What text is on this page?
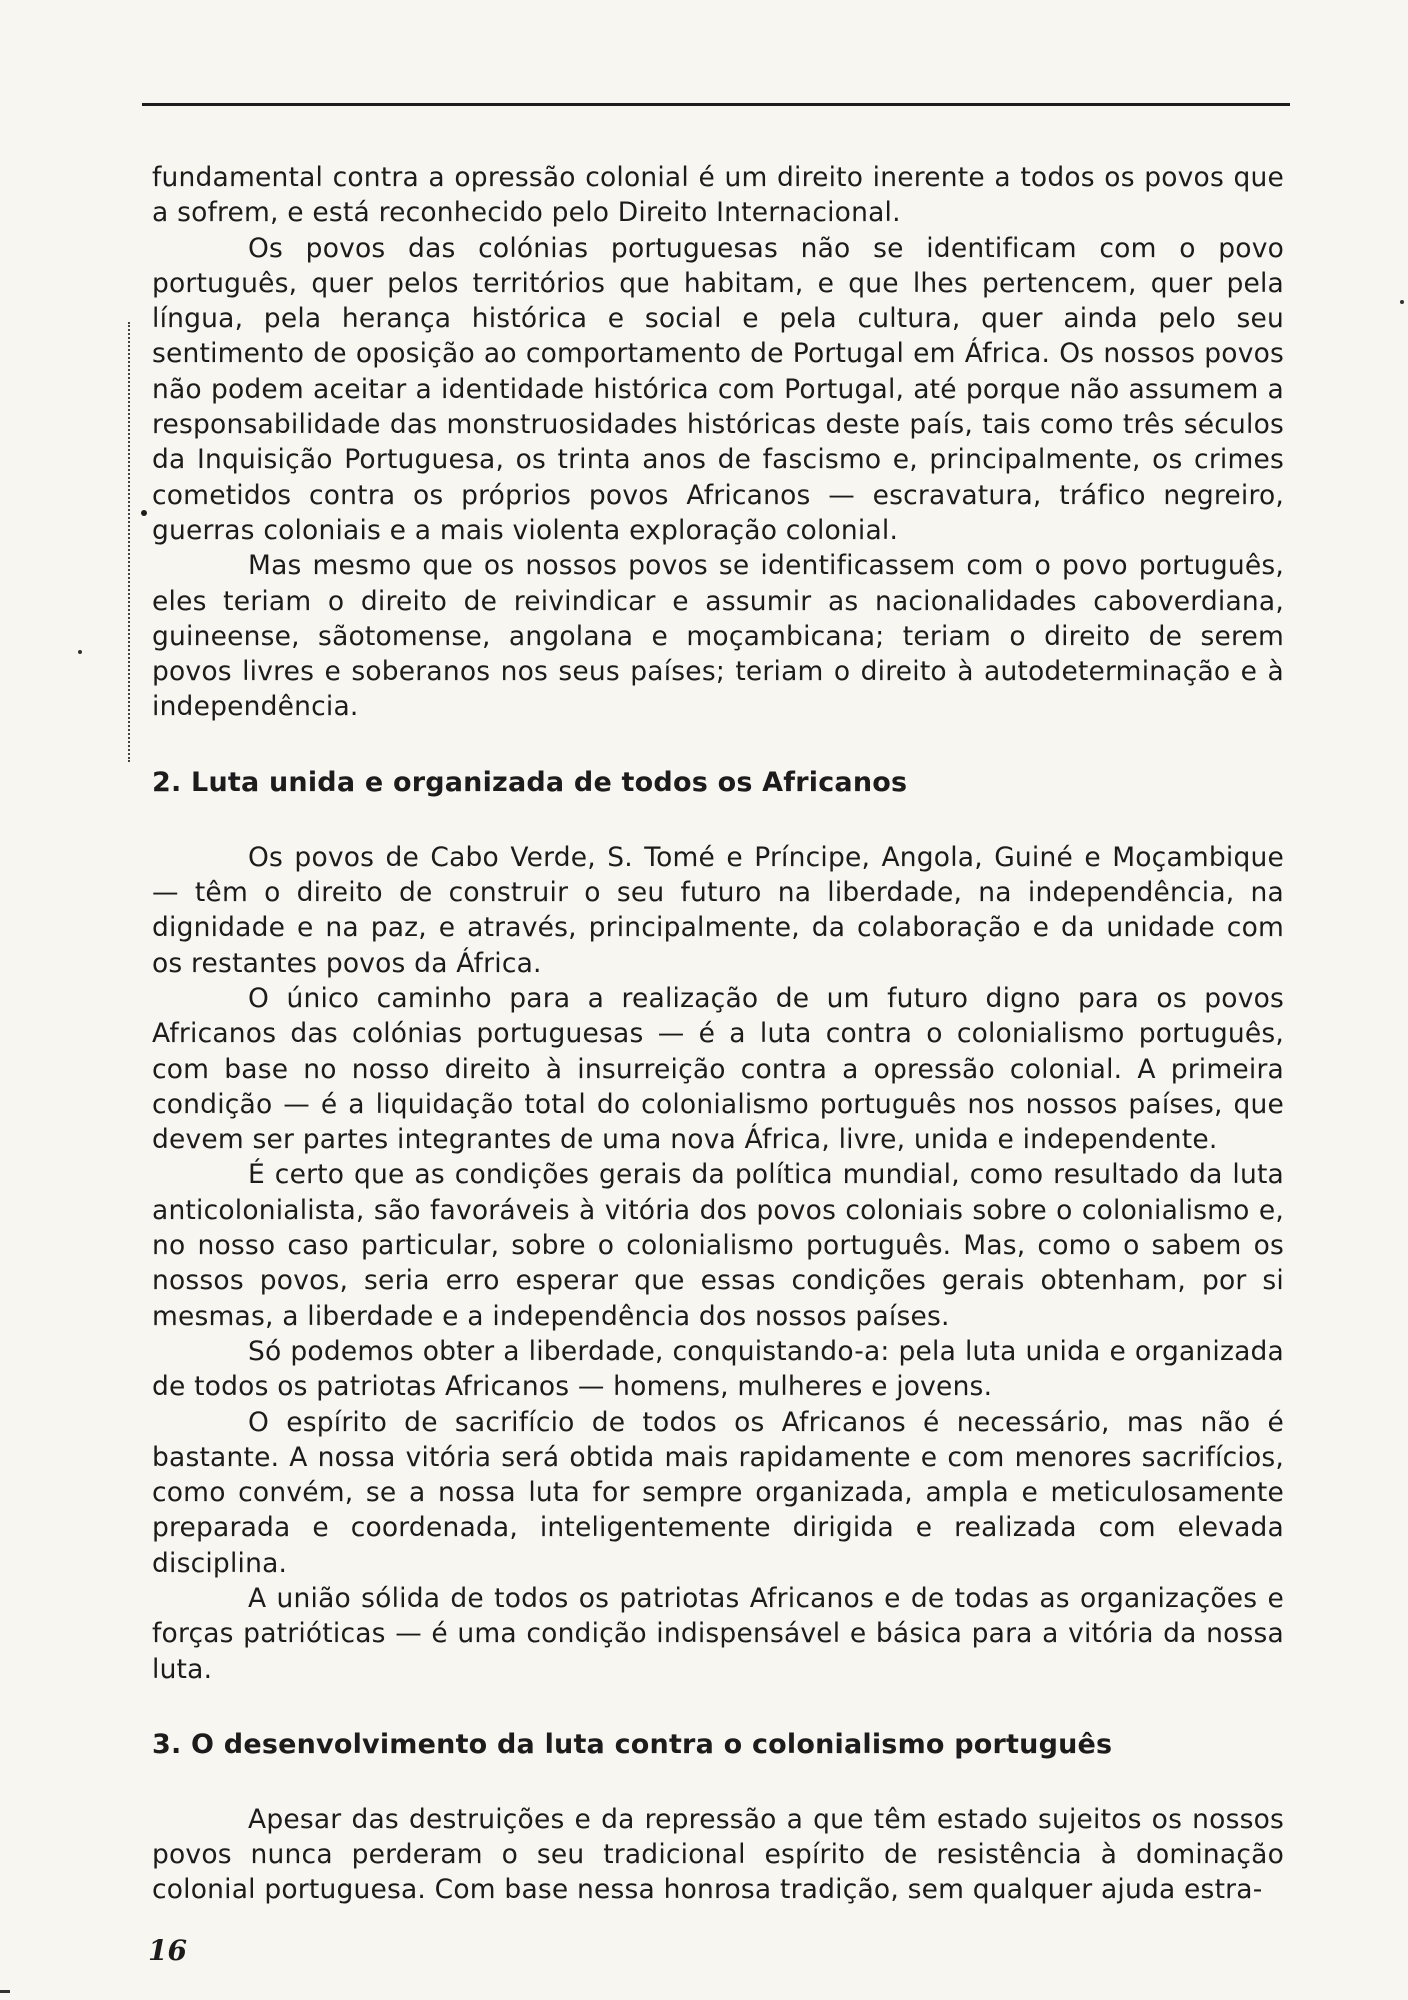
fundamental contra a opressão colonial é um direito inerente a todos os povos que a sofrem, e está reconhecido pelo Direito Internacional.

Os povos das colónias portuguesas não se identificam com o povo português, quer pelos territórios que habitam, e que lhes pertencem, quer pela língua, pela herança histórica e social e pela cultura, quer ainda pelo seu sentimento de oposição ao comportamento de Portugal em África. Os nossos povos não podem aceitar a identidade histórica com Portugal, até porque não assumem a responsabilidade das monstruosidades históricas deste país, tais como três séculos da Inquisição Portuguesa, os trinta anos de fascismo e, principalmente, os crimes cometidos contra os próprios povos Africanos — escravatura, tráfico negreiro, guerras coloniais e a mais violenta exploração colonial.

Mas mesmo que os nossos povos se identificassem com o povo português, eles teriam o direito de reivindicar e assumir as nacionalidades caboverdiana, guineense, sãotomense, angolana e moçambicana; teriam o direito de serem povos livres e soberanos nos seus países; teriam o direito à autodeterminação e à independência.

2. Luta unida e organizada de todos os Africanos

Os povos de Cabo Verde, S. Tomé e Príncipe, Angola, Guiné e Moçambique — têm o direito de construir o seu futuro na liberdade, na independência, na dignidade e na paz, e através, principalmente, da colaboração e da unidade com os restantes povos da África.

O único caminho para a realização de um futuro digno para os povos Africanos das colónias portuguesas — é a luta contra o colonialismo português, com base no nosso direito à insurreição contra a opressão colonial. A primeira condição — é a liquidação total do colonialismo português nos nossos países, que devem ser partes integrantes de uma nova África, livre, unida e independente.

É certo que as condições gerais da política mundial, como resultado da luta anticolonialista, são favoráveis à vitória dos povos coloniais sobre o colonialismo e, no nosso caso particular, sobre o colonialismo português. Mas, como o sabem os nossos povos, seria erro esperar que essas condições gerais obtenham, por si mesmas, a liberdade e a independência dos nossos países.

Só podemos obter a liberdade, conquistando-a: pela luta unida e organizada de todos os patriotas Africanos — homens, mulheres e jovens.

O espírito de sacrifício de todos os Africanos é necessário, mas não é bastante. A nossa vitória será obtida mais rapidamente e com menores sacrifícios, como convém, se a nossa luta for sempre organizada, ampla e meticulosamente preparada e coordenada, inteligentemente dirigida e realizada com elevada disciplina.

A união sólida de todos os patriotas Africanos e de todas as organizações e forças patrióticas — é uma condição indispensável e básica para a vitória da nossa luta.

3. O desenvolvimento da luta contra o colonialismo português

Apesar das destruições e da repressão a que têm estado sujeitos os nossos povos nunca perderam o seu tradicional espírito de resistência à dominação colonial portuguesa. Com base nessa honrosa tradição, sem qualquer ajuda estra-

16
